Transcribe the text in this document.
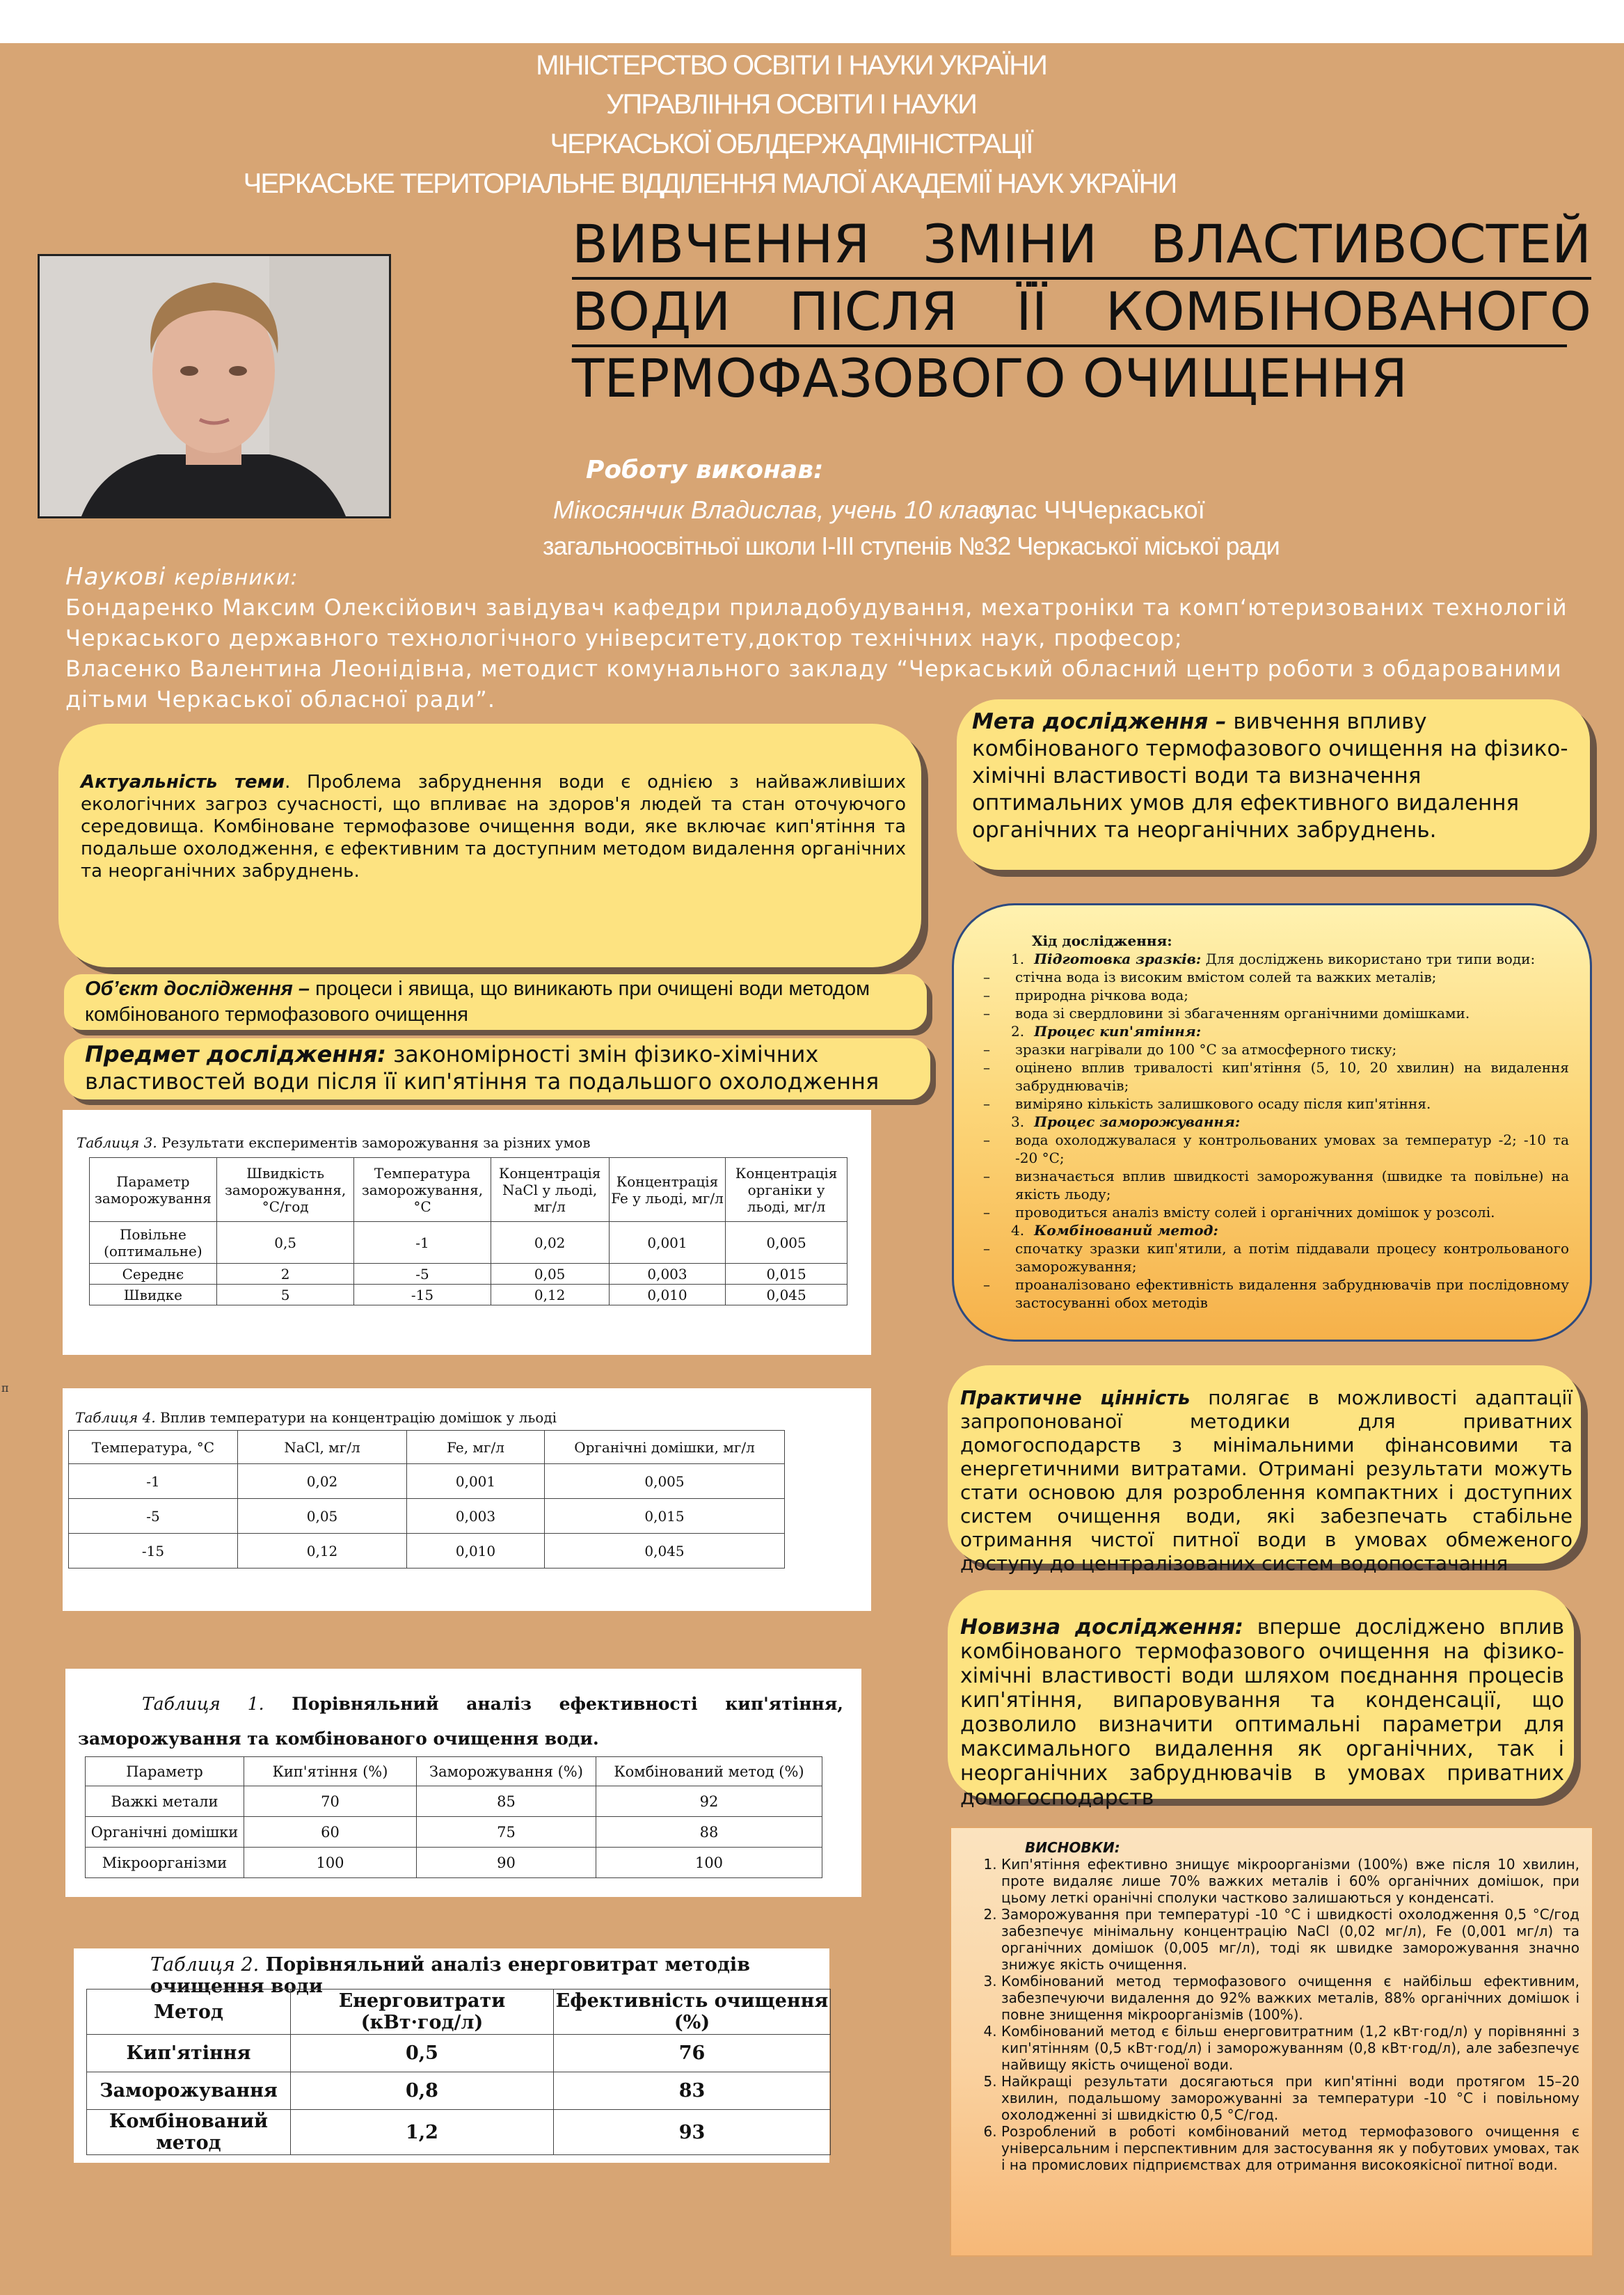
п
МІНІСТЕРСТВО ОСВІТИ І НАУКИ УКРАЇНИ
УПРАВЛІННЯ ОСВІТИ І НАУКИ
ЧЕРКАСЬКОЇ ОБЛДЕРЖАДМІНІСТРАЦІЇ
ЧЕРКАСЬКЕ ТЕРИТОРІАЛЬНЕ ВІДДІЛЕННЯ МАЛОЇ АКАДЕМІЇ НАУК УКРАЇНИ
ВИВЧЕННЯ ЗМІНИ ВЛАСТИВОСТЕЙ
ВОДИ ПІСЛЯ ЇЇ КОМБІНОВАНОГО
ТЕРМОФАЗОВОГО ОЧИЩЕННЯ
Роботу виконав:
Мікосянчик Владислав, учень 10 класу
клас ЧЧЧеркаської
загальноосвітньої школи І-ІІІ ступенів №32 Черкаської міської ради
Наукові керівники:
Бондаренко Максим Олексійович завідувач кафедри приладобудування, мехатроніки та комп‘ютеризованих технологій
Черкаського державного технологічного університету,доктор технічних наук, професор;
Власенко Валентина Леонідівна, методист комунального закладу “Черкаський обласний центр роботи з обдарованими
дітьми Черкаської обласної ради”.
Актуальність теми. Проблема забруднення води є однією з найважливіших екологічних загроз сучасності, що впливає на здоров'я людей та стан оточуючого середовища. Комбіноване термофазове очищення води, яке включає кип'ятіння та подальше охолодження, є ефективним та доступним методом видалення органічних та неорганічних забруднень.
Мета дослідження – вивчення впливу комбінованого термофазового очищення на фізико-хімічні властивості води та визначення оптимальних умов для ефективного видалення органічних та неорганічних забруднень.
Об’єкт дослідження – процеси і явища, що виникають при очищені води методом комбінованого термофазового очищення
Предмет дослідження: закономірності змін фізико-хімічних властивостей води після її кип'ятіння та подальшого охолодження
Хід дослідження:
1. Підготовка зразків: Для досліджень використано три типи води:
– стічна вода із високим вмістом солей та важких металів;
– природна річкова вода;
– вода зі свердловини зі збагаченням органічними домішками.
2. Процес кип'ятіння:
– зразки нагрівали до 100 °С за атмосферного тиску;
– оцінено вплив тривалості кип'ятіння (5, 10, 20 хвилин) на видалення забруднювачів;
– виміряно кількість залишкового осаду після кип'ятіння.
3. Процес заморожування:
– вода охолоджувалася у контрольованих умовах за температур -2; -10 та -20 °С;
– визначається вплив швидкості заморожування (швидке та повільне) на якість льоду;
– проводиться аналіз вмісту солей і органічних домішок у розсолі.
4. Комбінований метод:
– спочатку зразки кип'ятили, а потім піддавали процесу контрольованого заморожування;
– проаналізовано ефективність видалення забруднювачів при послідовному застосуванні обох методів
Таблиця 3. Результати експериментів заморожування за різних умов
Параметр заморожування	Швидкість заморожування, °С/год	Температура заморожування, °С	Концентрація NaCl у льоді, мг/л	Концентрація Fe у льоді, мг/л	Концентрація органіки у льоді, мг/л
Повільне (оптимальне)	0,5	-1	0,02	0,001	0,005
Середнє	2	-5	0,05	0,003	0,015
Швидке	5	-15	0,12	0,010	0,045
Таблиця 4. Вплив температури на концентрацію домішок у льоді
Температура, °С	NaCl, мг/л	Fe, мг/л	Органічні домішки, мг/л
-1	0,02	0,001	0,005
-5	0,05	0,003	0,015
-15	0,12	0,010	0,045
Таблиця 1. Порівняльний аналіз ефективності кип'ятіння, заморожування та комбінованого очищення води.
Параметр	Кип'ятіння (%)	Заморожування (%)	Комбінований метод (%)
Важкі метали	70	85	92
Органічні домішки	60	75	88
Мікроорганізми	100	90	100
Таблиця 2. Порівняльний аналіз енерговитрат методів очищення води
Метод	Енерговитрати (кВт·год/л)	Ефективність очищення (%)
Кип'ятіння	0,5	76
Заморожування	0,8	83
Комбінований метод	1,2	93
Практичне цінність полягає в можливості адаптації запропонованої методики для приватних домогосподарств з мінімальними фінансовими та енергетичними витратами. Отримані результати можуть стати основою для розроблення компактних і доступних систем очищення води, які забезпечать стабільне отримання чистої питної води в умовах обмеженого доступу до централізованих систем водопостачання
Новизна дослідження: вперше досліджено вплив комбінованого термофазового очищення на фізико-хімічні властивості води шляхом поєднання процесів кип'ятіння, випаровування та конденсації, що дозволило визначити оптимальні параметри для максимального видалення як органічних, так і неорганічних забруднювачів в умовах приватних домогосподарств
ВИСНОВКИ:
1. Кип'ятіння ефективно знищує мікроорганізми (100%) вже після 10 хвилин, проте видаляє лише 70% важких металів і 60% органічних домішок, при цьому леткі оранічні сполуки частково залишаються у конденсаті.
2. Заморожування при температурі -10 °С і швидкості охолодження 0,5 °С/год забезпечує мінімальну концентрацію NaCl (0,02 мг/л), Fe (0,001 мг/л) та органічних домішок (0,005 мг/л), тоді як швидке заморожування значно знижує якість очищення.
3. Комбінований метод термофазового очищення є найбільш ефективним, забезпечуючи видалення до 92% важких металів, 88% органічних домішок і повне знищення мікроорганізмів (100%).
4. Комбінований метод є більш енерговитратним (1,2 кВт·год/л) у порівнянні з кип'ятінням (0,5 кВт·год/л) і заморожуванням (0,8 кВт·год/л), але забезпечує найвищу якість очищеної води.
5. Найкращі результати досягаються при кип'ятінні води протягом 15–20 хвилин, подальшому заморожуванні за температури -10 °С і повільному охолодженні зі швидкістю 0,5 °С/год.
6. Розроблений в роботі комбінований метод термофазового очищення є універсальним і перспективним для застосування як у побутових умовах, так і на промислових підприємствах для отримання високоякісної питної води.
